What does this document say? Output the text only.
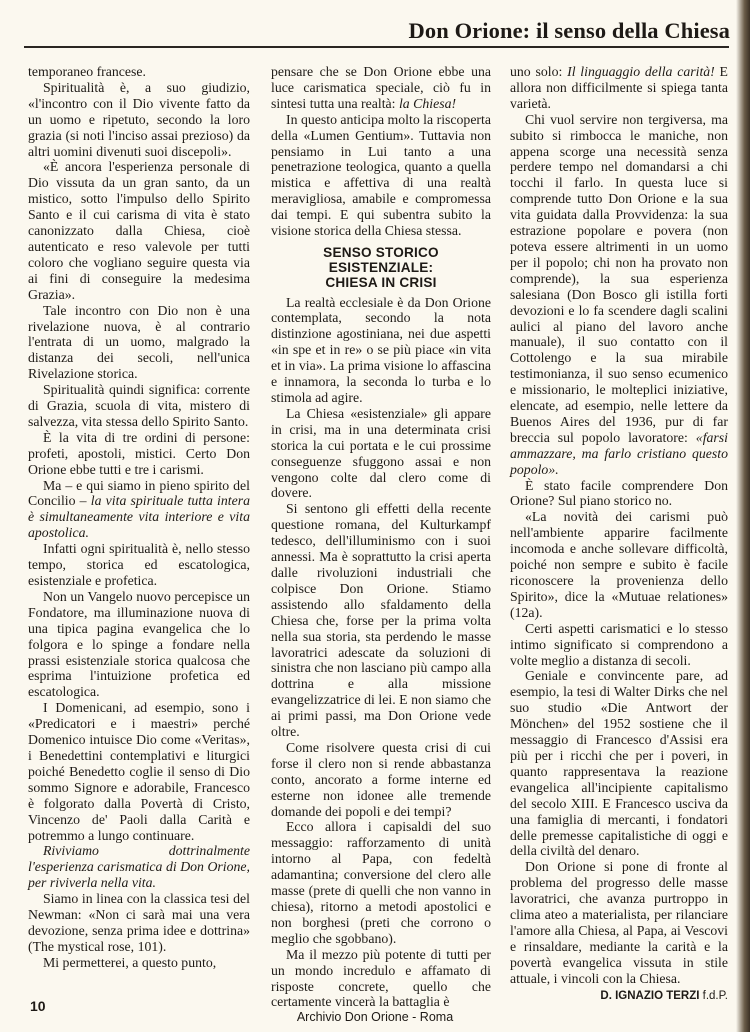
Don Orione: il senso della Chiesa

temporaneo francese.

Spiritualità è, a suo giudizio, «l'incontro con il Dio vivente fatto da un uomo e ripetuto, secondo la loro grazia (si noti l'inciso assai prezioso) da altri uomini divenuti suoi discepoli».

«È ancora l'esperienza personale di Dio vissuta da un gran santo, da un mistico, sotto l'impulso dello Spirito Santo e il cui carisma di vita è stato canonizzato dalla Chiesa, cioè autenticato e reso valevole per tutti coloro che vogliano seguire questa via ai fini di conseguire la medesima Grazia».

Tale incontro con Dio non è una rivelazione nuova, è al contrario l'entrata di un uomo, malgrado la distanza dei secoli, nell'unica Rivelazione storica.

Spiritualità quindi significa: corrente di Grazia, scuola di vita, mistero di salvezza, vita stessa dello Spirito Santo.

È la vita di tre ordini di persone: profeti, apostoli, mistici. Certo Don Orione ebbe tutti e tre i carismi.

Ma – e qui siamo in pieno spirito del Concilio – la vita spirituale tutta intera è simultaneamente vita interiore e vita apostolica.

Infatti ogni spiritualità è, nello stesso tempo, storica ed escatologica, esistenziale e profetica.

Non un Vangelo nuovo percepisce un Fondatore, ma illuminazione nuova di una tipica pagina evangelica che lo folgora e lo spinge a fondare nella prassi esistenziale storica qualcosa che esprima l'intuizione profetica ed escatologica.

I Domenicani, ad esempio, sono i «Predicatori e i maestri» perché Domenico intuisce Dio come «Veritas», i Benedettini contemplativi e liturgici poiché Benedetto coglie il senso di Dio sommo Signore e adorabile, Francesco è folgorato dalla Povertà di Cristo, Vincenzo de' Paoli dalla Carità e potremmo a lungo continuare.

Riviviamo dottrinalmente l'esperienza carismatica di Don Orione, per riviverla nella vita.

Siamo in linea con la classica tesi del Newman: «Non ci sarà mai una vera devozione, senza prima idee e dottrina» (The mystical rose, 101).

Mi permetterei, a questo punto,

pensare che se Don Orione ebbe una luce carismatica speciale, ciò fu in sintesi tutta una realtà: la Chiesa!

In questo anticipa molto la riscoperta della «Lumen Gentium». Tuttavia non pensiamo in Lui tanto a una penetrazione teologica, quanto a quella mistica e affettiva di una realtà meravigliosa, amabile e compromessa dai tempi. E qui subentra subito la visione storica della Chiesa stessa.

SENSO STORICO
ESISTENZIALE:
CHIESA IN CRISI

La realtà ecclesiale è da Don Orione contemplata, secondo la nota distinzione agostiniana, nei due aspetti «in spe et in re» o se più piace «in vita et in via». La prima visione lo affascina e innamora, la seconda lo turba e lo stimola ad agire.

La Chiesa «esistenziale» gli appare in crisi, ma in una determinata crisi storica la cui portata e le cui prossime conseguenze sfuggono assai e non vengono colte dal clero come di dovere.

Si sentono gli effetti della recente questione romana, del Kulturkampf tedesco, dell'illuminismo con i suoi annessi. Ma è soprattutto la crisi aperta dalle rivoluzioni industriali che colpisce Don Orione. Stiamo assistendo allo sfaldamento della Chiesa che, forse per la prima volta nella sua storia, sta perdendo le masse lavoratrici adescate da soluzioni di sinistra che non lasciano più campo alla dottrina e alla missione evangelizzatrice di lei. E non siamo che ai primi passi, ma Don Orione vede oltre.

Come risolvere questa crisi di cui forse il clero non si rende abbastanza conto, ancorato a forme interne ed esterne non idonee alle tremende domande dei popoli e dei tempi?

Ecco allora i capisaldi del suo messaggio: rafforzamento di unità intorno al Papa, con fedeltà adamantina; conversione del clero alle masse (prete di quelli che non vanno in chiesa), ritorno a metodi apostolici e non borghesi (preti che corrono o meglio che sgobbano).

Ma il mezzo più potente di tutti per un mondo incredulo e affamato di risposte concrete, quello che certamente vincerà la battaglia è

uno solo: Il linguaggio della carità! E allora non difficilmente si spiega tanta varietà.

Chi vuol servire non tergiversa, ma subito si rimbocca le maniche, non appena scorge una necessità senza perdere tempo nel domandarsi a chi tocchi il farlo. In questa luce si comprende tutto Don Orione e la sua vita guidata dalla Provvidenza: la sua estrazione popolare e povera (non poteva essere altrimenti in un uomo per il popolo; chi non ha provato non comprende), la sua esperienza salesiana (Don Bosco gli istilla forti devozioni e lo fa scendere dagli scalini aulici al piano del lavoro anche manuale), il suo contatto con il Cottolengo e la sua mirabile testimonianza, il suo senso ecumenico e missionario, le molteplici iniziative, elencate, ad esempio, nelle lettere da Buenos Aires del 1936, pur di far breccia sul popolo lavoratore: «farsi ammazzare, ma farlo cristiano questo popolo».

È stato facile comprendere Don Orione? Sul piano storico no.

«La novità dei carismi può nell'ambiente apparire facilmente incomoda e anche sollevare difficoltà, poiché non sempre e subito è facile riconoscere la provenienza dello Spirito», dice la «Mutuae relationes» (12a).

Certi aspetti carismatici e lo stesso intimo significato si comprendono a volte meglio a distanza di secoli.

Geniale e convincente pare, ad esempio, la tesi di Walter Dirks che nel suo studio «Die Antwort der Mönchen» del 1952 sostiene che il messaggio di Francesco d'Assisi era più per i ricchi che per i poveri, in quanto rappresentava la reazione evangelica all'incipiente capitalismo del secolo XIII. E Francesco usciva da una famiglia di mercanti, i fondatori delle premesse capitalistiche di oggi e della civiltà del denaro.

Don Orione si pone di fronte al problema del progresso delle masse lavoratrici, che avanza purtroppo in clima ateo a materialista, per rilanciare l'amore alla Chiesa, al Papa, ai Vescovi e rinsaldare, mediante la carità e la povertà evangelica vissuta in stile attuale, i vincoli con la Chiesa.

D. IGNAZIO TERZI f.d.P.
10
Archivio Don Orione - Roma
